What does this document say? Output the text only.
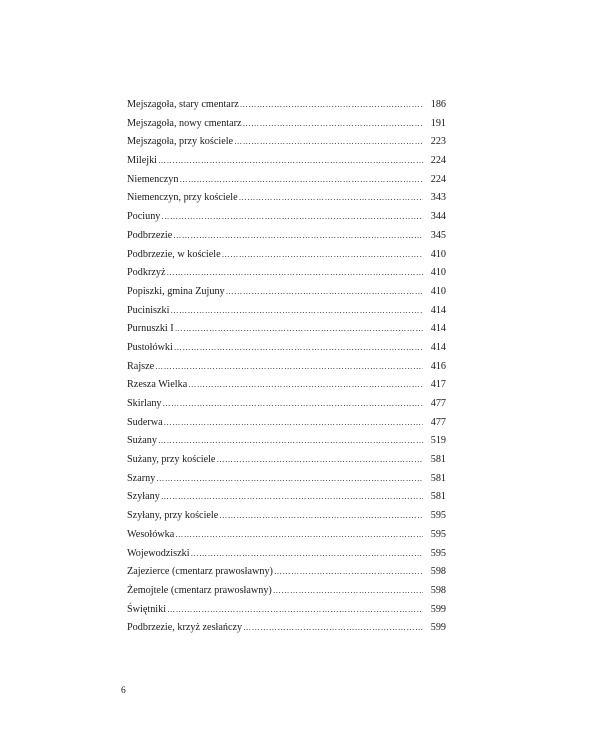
Mejszagoła, stary cmentarz ……………………………………………………………………………………………………………………………………………………………………………………………………………………	186
Mejszagoła, nowy cmentarz ……………………………………………………………………………………………………………………………………………………………………………………………………………………	191
Mejszagoła, przy kościele ……………………………………………………………………………………………………………………………………………………………………………………………………………………	223
Milejki ……………………………………………………………………………………………………………………………………………………………………………………………………………………	224
Niemenczyn ……………………………………………………………………………………………………………………………………………………………………………………………………………………	224
Niemenczyn, przy kościele ……………………………………………………………………………………………………………………………………………………………………………………………………………………	343
Pociuny ……………………………………………………………………………………………………………………………………………………………………………………………………………………	344
Podbrzezie ……………………………………………………………………………………………………………………………………………………………………………………………………………………	345
Podbrzezie, w kościele ……………………………………………………………………………………………………………………………………………………………………………………………………………………	410
Podkrzyż ……………………………………………………………………………………………………………………………………………………………………………………………………………………	410
Popiszki, gmina Zujuny ……………………………………………………………………………………………………………………………………………………………………………………………………………………	410
Puciniszki ……………………………………………………………………………………………………………………………………………………………………………………………………………………	414
Purnuszki I ……………………………………………………………………………………………………………………………………………………………………………………………………………………	414
Pustołówki ……………………………………………………………………………………………………………………………………………………………………………………………………………………	414
Rajsze ……………………………………………………………………………………………………………………………………………………………………………………………………………………	416
Rzesza Wielka ……………………………………………………………………………………………………………………………………………………………………………………………………………………	417
Skirlany ……………………………………………………………………………………………………………………………………………………………………………………………………………………	477
Suderwa ……………………………………………………………………………………………………………………………………………………………………………………………………………………	477
Sużany ……………………………………………………………………………………………………………………………………………………………………………………………………………………	519
Sużany, przy kościele ……………………………………………………………………………………………………………………………………………………………………………………………………………………	581
Szarny ……………………………………………………………………………………………………………………………………………………………………………………………………………………	581
Szyłany ……………………………………………………………………………………………………………………………………………………………………………………………………………………	581
Szyłany, przy kościele ……………………………………………………………………………………………………………………………………………………………………………………………………………………	595
Wesołówka ……………………………………………………………………………………………………………………………………………………………………………………………………………………	595
Wojewodziszki ……………………………………………………………………………………………………………………………………………………………………………………………………………………	595
Zajezierce (cmentarz prawosławny) ……………………………………………………………………………………………………………………………………………………………………………………………………………………	598
Żemojtele (cmentarz prawosławny) ……………………………………………………………………………………………………………………………………………………………………………………………………………………	598
Świętniki ……………………………………………………………………………………………………………………………………………………………………………………………………………………	599
Podbrzezie, krzyż zesłańczy ……………………………………………………………………………………………………………………………………………………………………………………………………………………	599
6
